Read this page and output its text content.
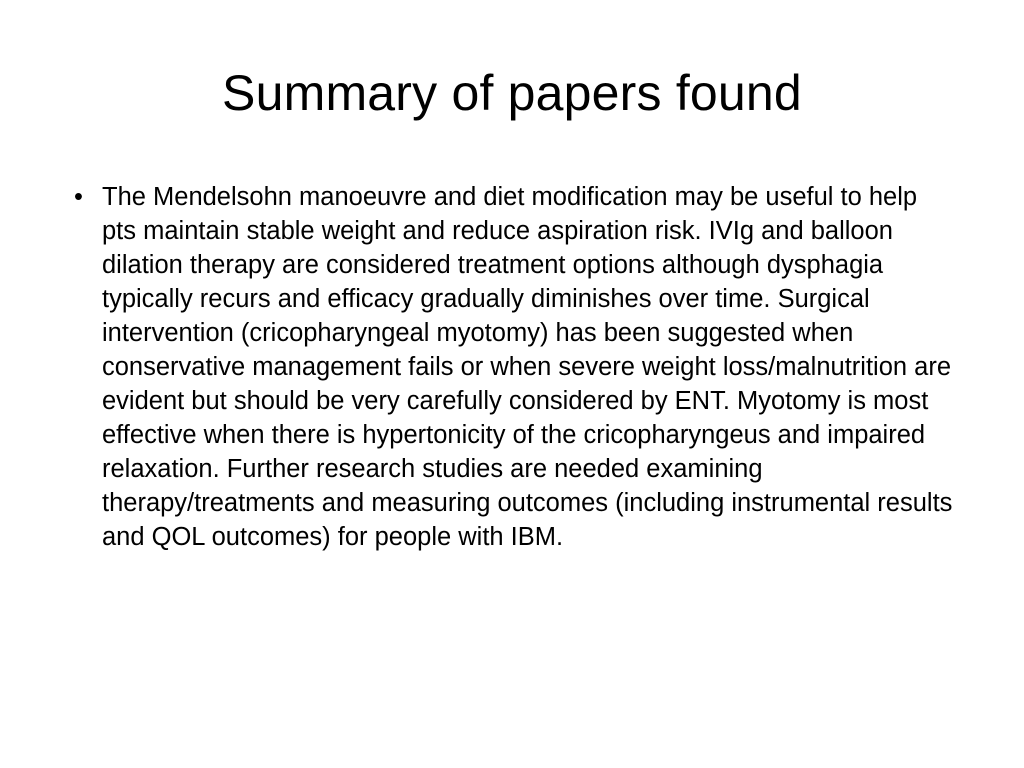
Summary of papers found
• The Mendelsohn manoeuvre and diet modification may be useful to help pts maintain stable weight and reduce aspiration risk. IVIg and balloon dilation therapy are considered treatment options although dysphagia typically recurs and efficacy gradually diminishes over time. Surgical intervention (cricopharyngeal myotomy) has been suggested when conservative management fails or when severe weight loss/malnutrition are evident but should be very carefully considered by ENT. Myotomy is most effective when there is hypertonicity of the cricopharyngeus and impaired relaxation. Further research studies are needed examining therapy/treatments and measuring outcomes (including instrumental results and QOL outcomes) for people with IBM.
